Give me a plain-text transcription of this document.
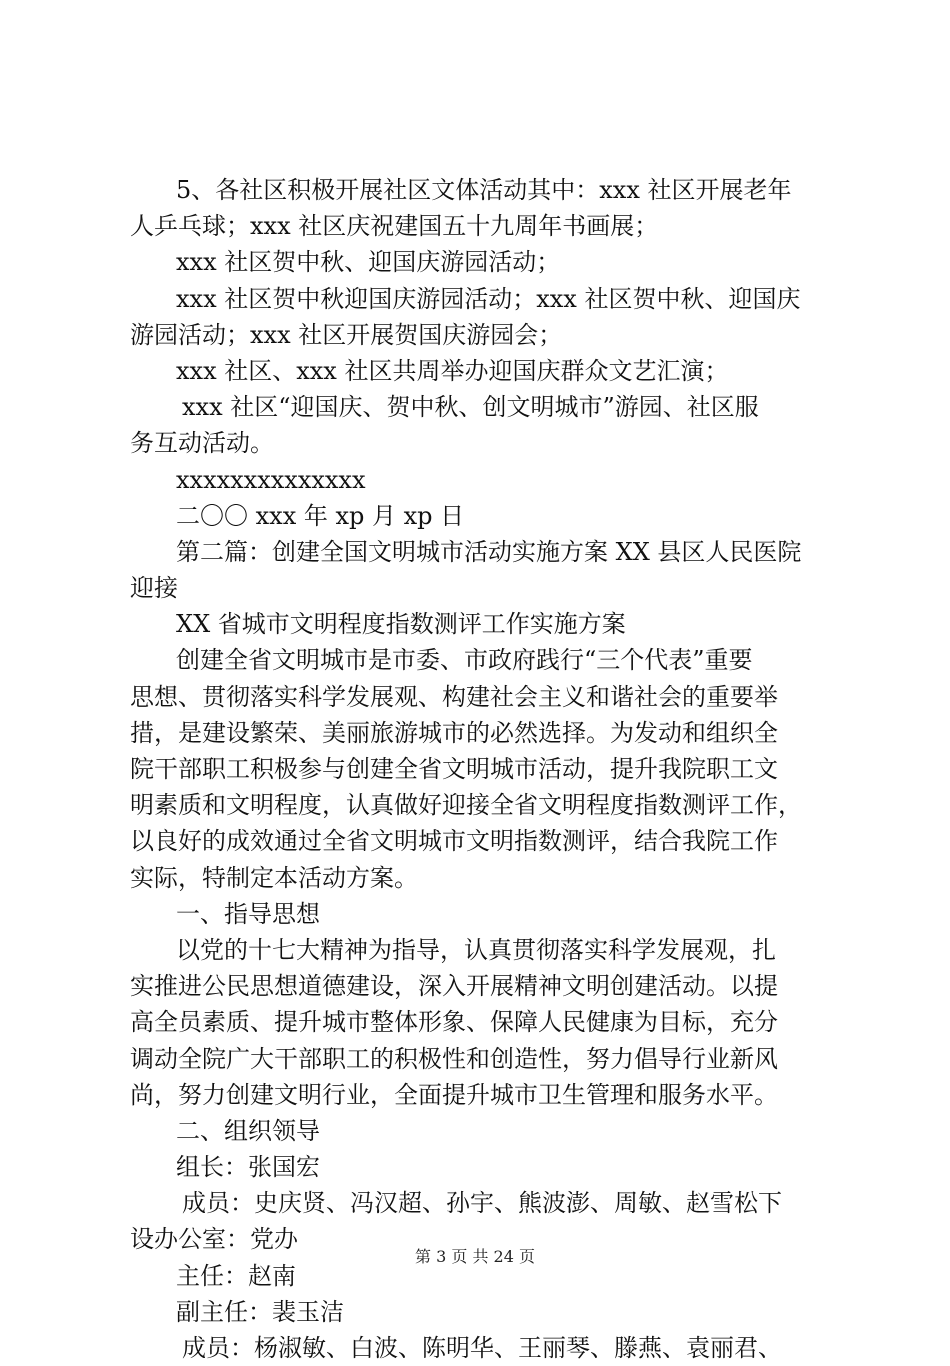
5、各社区积极开展社区文体活动其中：xxx 社区开展老年
人乒乓球；xxx 社区庆祝建国五十九周年书画展；
xxx 社区贺中秋、迎国庆游园活动；
xxx 社区贺中秋迎国庆游园活动；xxx 社区贺中秋、迎国庆
游园活动；xxx 社区开展贺国庆游园会；
xxx 社区、xxx 社区共周举办迎国庆群众文艺汇演；
xxx 社区“迎国庆、贺中秋、创文明城市”游园、社区服
务互动活动。
xxxxxxxxxxxxxx
二〇〇 xxx 年 xp 月 xp 日
第二篇：创建全国文明城市活动实施方案 XX 县区人民医院
迎接
XX 省城市文明程度指数测评工作实施方案
创建全省文明城市是市委、市政府践行“三个代表”重要
思想、贯彻落实科学发展观、构建社会主义和谐社会的重要举
措，是建设繁荣、美丽旅游城市的必然选择。为发动和组织全
院干部职工积极参与创建全省文明城市活动，提升我院职工文
明素质和文明程度，认真做好迎接全省文明程度指数测评工作，
以良好的成效通过全省文明城市文明指数测评，结合我院工作
实际，特制定本活动方案。
一、指导思想
以党的十七大精神为指导，认真贯彻落实科学发展观，扎
实推进公民思想道德建设，深入开展精神文明创建活动。以提
高全员素质、提升城市整体形象、保障人民健康为目标，充分
调动全院广大干部职工的积极性和创造性，努力倡导行业新风
尚，努力创建文明行业，全面提升城市卫生管理和服务水平。
二、组织领导
组长：张国宏
成员：史庆贤、冯汉超、孙宇、熊波澎、周敏、赵雪松下
设办公室：党办
主任：赵南
副主任：裴玉洁
成员：杨淑敏、白波、陈明华、王丽琴、滕燕、袁丽君、
第 3 页 共 24 页
